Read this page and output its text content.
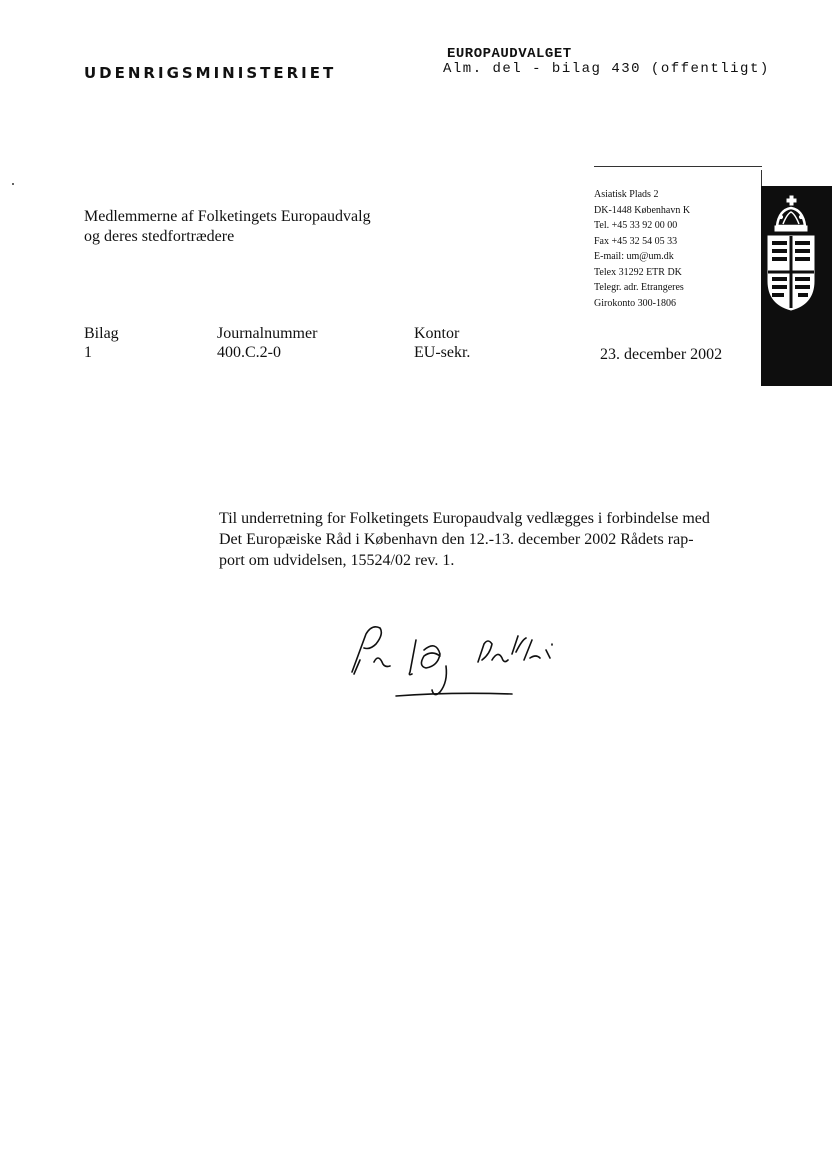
UDENRIGSMINISTERIET
EUROPAUDVALGET
Alm. del - bilag 430 (offentligt)
Medlemmerne af Folketingets Europaudvalg
og deres stedfortrædere
Asiatisk Plads 2
DK-1448 København K
Tel. +45 33 92 00 00
Fax +45 32 54 05 33
E-mail: um@um.dk
Telex 31292 ETR DK
Telegr. adr. Etrangeres
Girokonto 300-1806
Bilag
1
Journalnummer
400.C.2-0
Kontor
EU-sekr.	23. december 2002
Til underretning for Folketingets Europaudvalg vedlægges i forbindelse med
Det Europæiske Råd i København den 12.-13. december 2002 Rådets rap-
port om udvidelsen, 15524/02 rev. 1.
